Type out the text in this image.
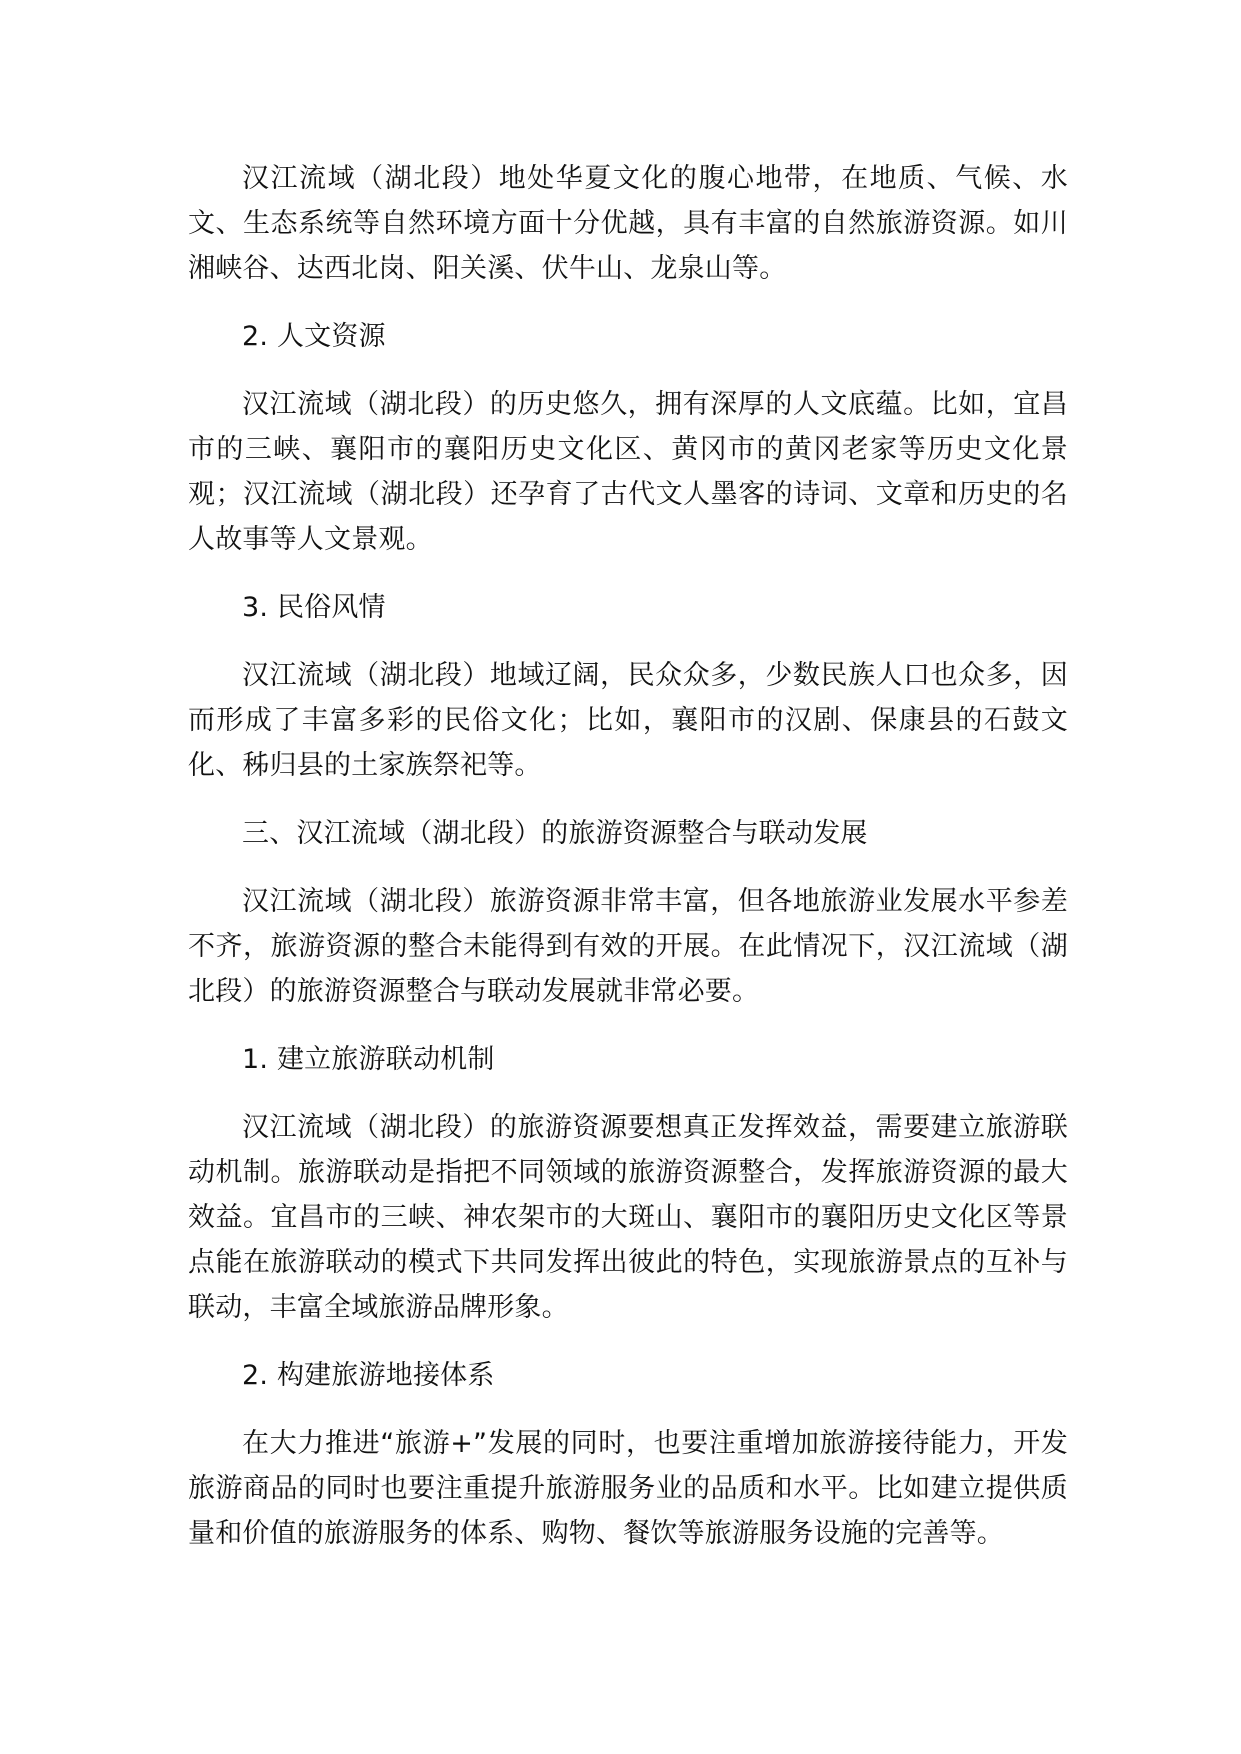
汉江流域（湖北段）地处华夏文化的腹心地带，在地质、气候、水文、生态系统等自然环境方面十分优越，具有丰富的自然旅游资源。如川湘峡谷、达西北岗、阳关溪、伏牛山、龙泉山等。

2. 人文资源

汉江流域（湖北段）的历史悠久，拥有深厚的人文底蕴。比如，宜昌市的三峡、襄阳市的襄阳历史文化区、黄冈市的黄冈老家等历史文化景观；汉江流域（湖北段）还孕育了古代文人墨客的诗词、文章和历史的名人故事等人文景观。

3. 民俗风情

汉江流域（湖北段）地域辽阔，民众众多，少数民族人口也众多，因而形成了丰富多彩的民俗文化；比如，襄阳市的汉剧、保康县的石鼓文化、秭归县的土家族祭祀等。

三、汉江流域（湖北段）的旅游资源整合与联动发展

汉江流域（湖北段）旅游资源非常丰富，但各地旅游业发展水平参差不齐，旅游资源的整合未能得到有效的开展。在此情况下，汉江流域（湖北段）的旅游资源整合与联动发展就非常必要。

1. 建立旅游联动机制

汉江流域（湖北段）的旅游资源要想真正发挥效益，需要建立旅游联动机制。旅游联动是指把不同领域的旅游资源整合，发挥旅游资源的最大效益。宜昌市的三峡、神农架市的大斑山、襄阳市的襄阳历史文化区等景点能在旅游联动的模式下共同发挥出彼此的特色，实现旅游景点的互补与联动，丰富全域旅游品牌形象。

2. 构建旅游地接体系

在大力推进“旅游+”发展的同时，也要注重增加旅游接待能力，开发旅游商品的同时也要注重提升旅游服务业的品质和水平。比如建立提供质量和价值的旅游服务的体系、购物、餐饮等旅游服务设施的完善等。
